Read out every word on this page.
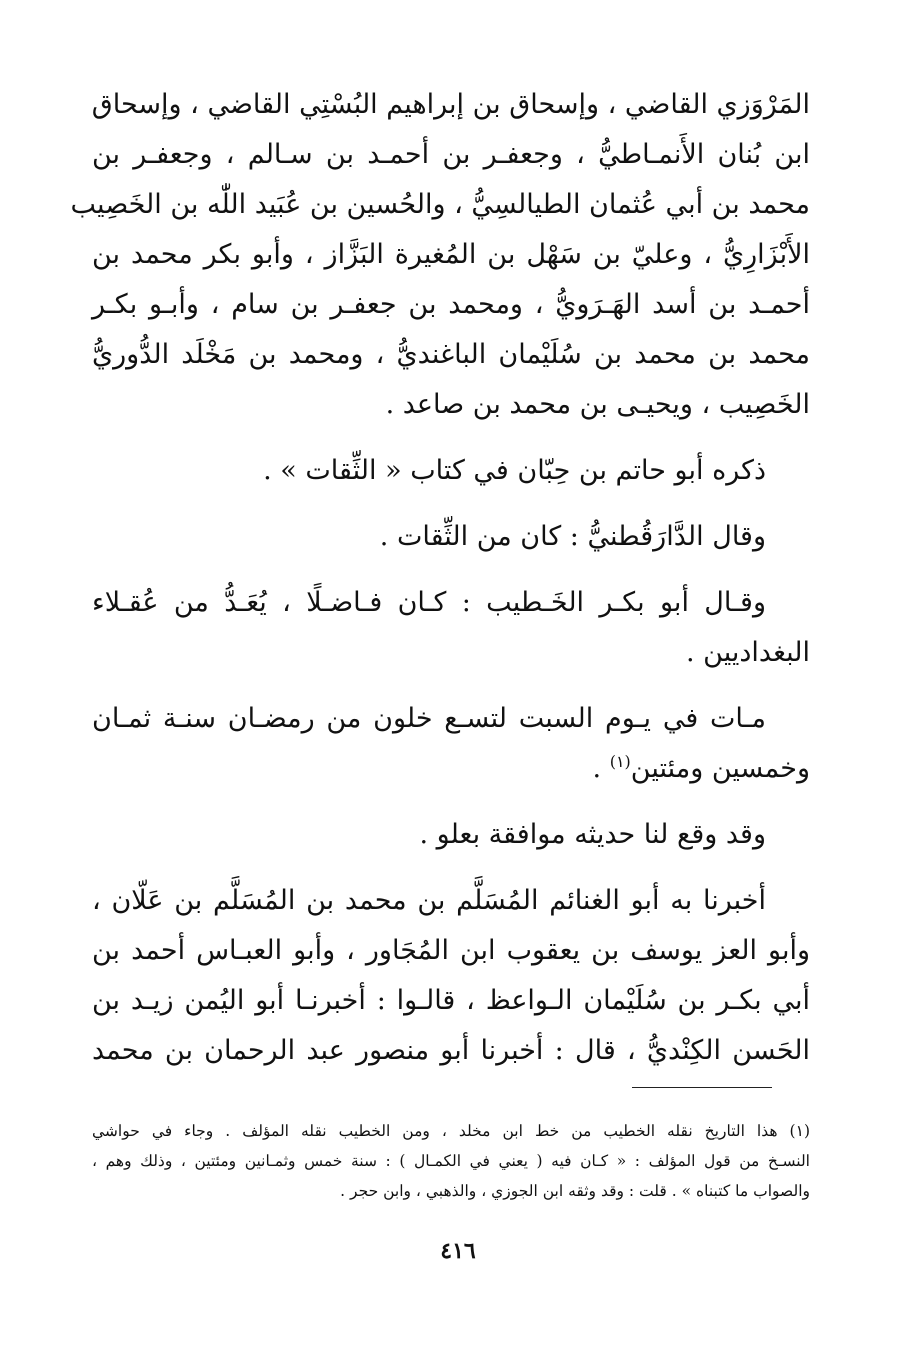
المَرْوَزي القاضي ، وإسحاق بن إبراهيم البُسْتِي القاضي ، وإسحاق
ابن بُنان الأَنمـاطيُّ ، وجعفـر بن أحمـد بن سـالم ، وجعفـر بن
محمد بن أبي عُثمان الطيالسِيُّ ، والحُسين بن عُبَيد اللّٰه بن الخَصِيب
الأَبْزَارِيُّ ، وعليّ بن سَهْل بن المُغيرة البَزَّاز ، وأبو بكر محمد بن
أحمـد بن أسد الهَـرَويُّ ، ومحمد بن جعفـر بن سام ، وأبـو بكـر
محمد بن محمد بن سُلَيْمان الباغنديُّ ، ومحمد بن مَخْلَد الدُّوريُّ
الخَصِيب ، ويحيـى بن محمد بن صاعد .
ذكره أبو حاتم بن حِبّان في كتاب « الثِّقات » .
وقال الدَّارَقُطنيُّ : كان من الثِّقات .
وقـال أبو بكـر الخَـطيب : كـان فـاضـلًا ، يُعَـدُّ من عُقـلاء
البغداديين .
مـات في يـوم السبت لتسـع خلون من رمضـان سنـة ثمـان
وخمسين ومئتين$^{(١)}$ .
وقد وقع لنا حديثه موافقة بعلو .
أخبرنا به أبو الغنائم المُسَلَّم بن محمد بن المُسَلَّم بن عَلّان ،
وأبو العز يوسف بن يعقوب ابن المُجَاور ، وأبو العبـاس أحمد بن
أبي بكـر بن سُلَيْمان الـواعظ ، قالـوا : أخبرنـا أبو اليُمن زيـد بن
الحَسن الكِنْديُّ ، قال : أخبرنا أبو منصور عبد الرحمان بن محمد
(١) هذا التاريخ نقله الخطيب من خط ابن مخلد ، ومن الخطيب نقله المؤلف . وجاء في حواشي
النسـخ من قول المؤلف : « كـان فيه ( يعني في الكمـال ) : سنة خمس وثمـانين ومئتين ، وذلك وهم ،
والصواب ما كتبناه » . قلت : وقد وثقه ابن الجوزي ، والذهبي ، وابن حجر .
٤١٦
